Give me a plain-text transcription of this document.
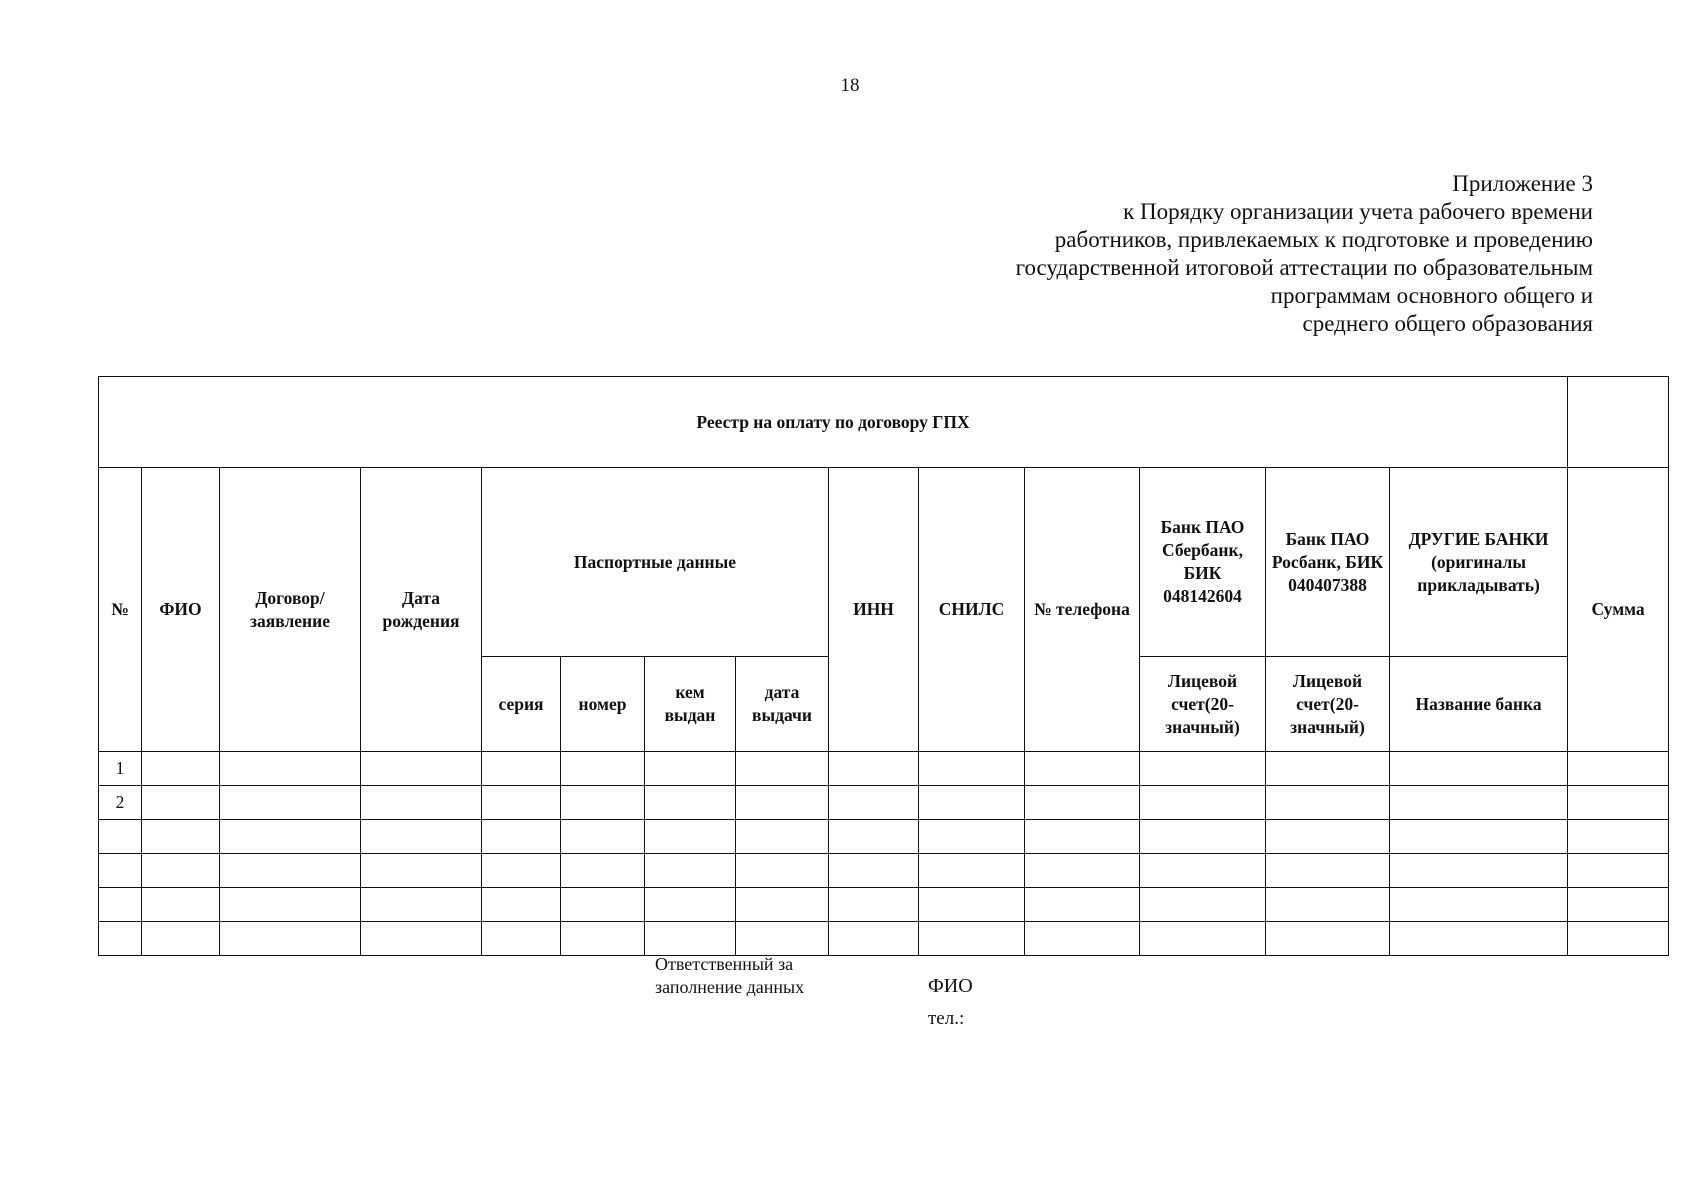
18
Приложение 3
к Порядку организации учета рабочего времени
работников, привлекаемых к подготовке и проведению
государственной итоговой аттестации по образовательным
программам основного общего и
среднего общего образования
Реестр на оплату по договору ГПХ														
№	ФИО	Договор/ заявление	Дата рождения	Паспортные данные				ИНН	СНИЛС	№ телефона	Банк ПАО Сбербанк, БИК 048142604	Банк ПАО Росбанк, БИК 040407388	ДРУГИЕ БАНКИ (оригиналы прикладывать)	Сумма
				серия	номер	кем выдан	дата выдачи				Лицевой счет(20-значный)	Лицевой счет(20-значный)	Название банка	
1														
2														

Ответственный за заполнение данных	ФИО
тел.:
